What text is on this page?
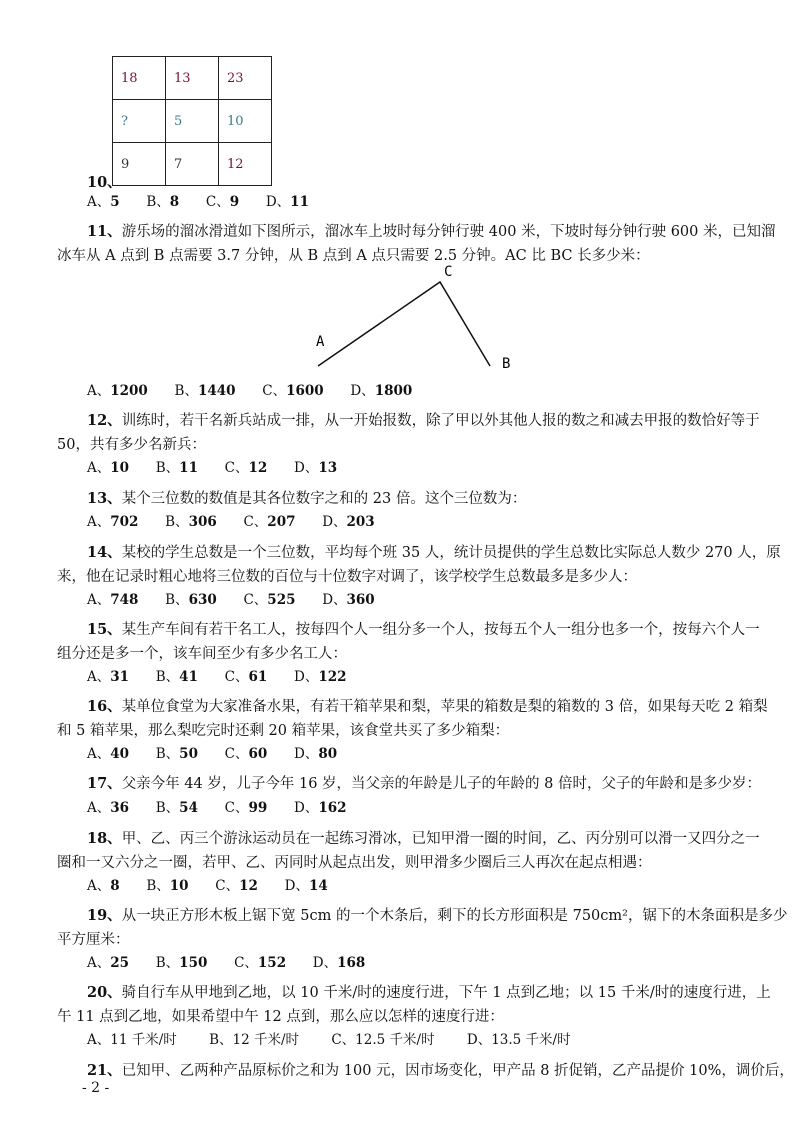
18	13	23
?	5	10
9	7	12
10、
A、5 B、8 C、9 D、11
11、游乐场的溜冰滑道如下图所示，溜冰车上坡时每分钟行驶 400 米，下坡时每分钟行驶 600 米，已知溜
冰车从 A 点到 B 点需要 3.7 分钟，从 B 点到 A 点只需要 2.5 分钟。AC 比 BC 长多少米：
A
C
B
A、1200 B、1440 C、1600 D、1800
12、训练时，若干名新兵站成一排，从一开始报数，除了甲以外其他人报的数之和减去甲报的数恰好等于
50，共有多少名新兵：
A、10 B、11 C、12 D、13
13、某个三位数的数值是其各位数字之和的 23 倍。这个三位数为：
A、702 B、306 C、207 D、203
14、某校的学生总数是一个三位数，平均每个班 35 人，统计员提供的学生总数比实际总人数少 270 人，原
来，他在记录时粗心地将三位数的百位与十位数字对调了，该学校学生总数最多是多少人：
A、748 B、630 C、525 D、360
15、某生产车间有若干名工人，按每四个人一组分多一个人，按每五个人一组分也多一个，按每六个人一
组分还是多一个，该车间至少有多少名工人：
A、31 B、41 C、61 D、122
16、某单位食堂为大家准备水果，有若干箱苹果和梨，苹果的箱数是梨的箱数的 3 倍，如果每天吃 2 箱梨
和 5 箱苹果，那么梨吃完时还剩 20 箱苹果，该食堂共买了多少箱梨：
A、40 B、50 C、60 D、80
17、父亲今年 44 岁，儿子今年 16 岁，当父亲的年龄是儿子的年龄的 8 倍时，父子的年龄和是多少岁：
A、36 B、54 C、99 D、162
18、甲、乙、丙三个游泳运动员在一起练习滑冰，已知甲滑一圈的时间，乙、丙分别可以滑一又四分之一
圈和一又六分之一圈，若甲、乙、丙同时从起点出发，则甲滑多少圈后三人再次在起点相遇：
A、8 B、10 C、12 D、14
19、从一块正方形木板上锯下宽 5cm 的一个木条后，剩下的长方形面积是 750cm²，锯下的木条面积是多少
平方厘米：
A、25 B、150 C、152 D、168
20、骑自行车从甲地到乙地，以 10 千米/时的速度行进，下午 1 点到乙地；以 15 千米/时的速度行进，上
午 11 点到乙地，如果希望中午 12 点到，那么应以怎样的速度行进：
A、11 千米/时 B、12 千米/时 C、12.5 千米/时 D、13.5 千米/时
21、已知甲、乙两种产品原标价之和为 100 元，因市场变化，甲产品 8 折促销，乙产品提价 10%，调价后，
- 2 -
